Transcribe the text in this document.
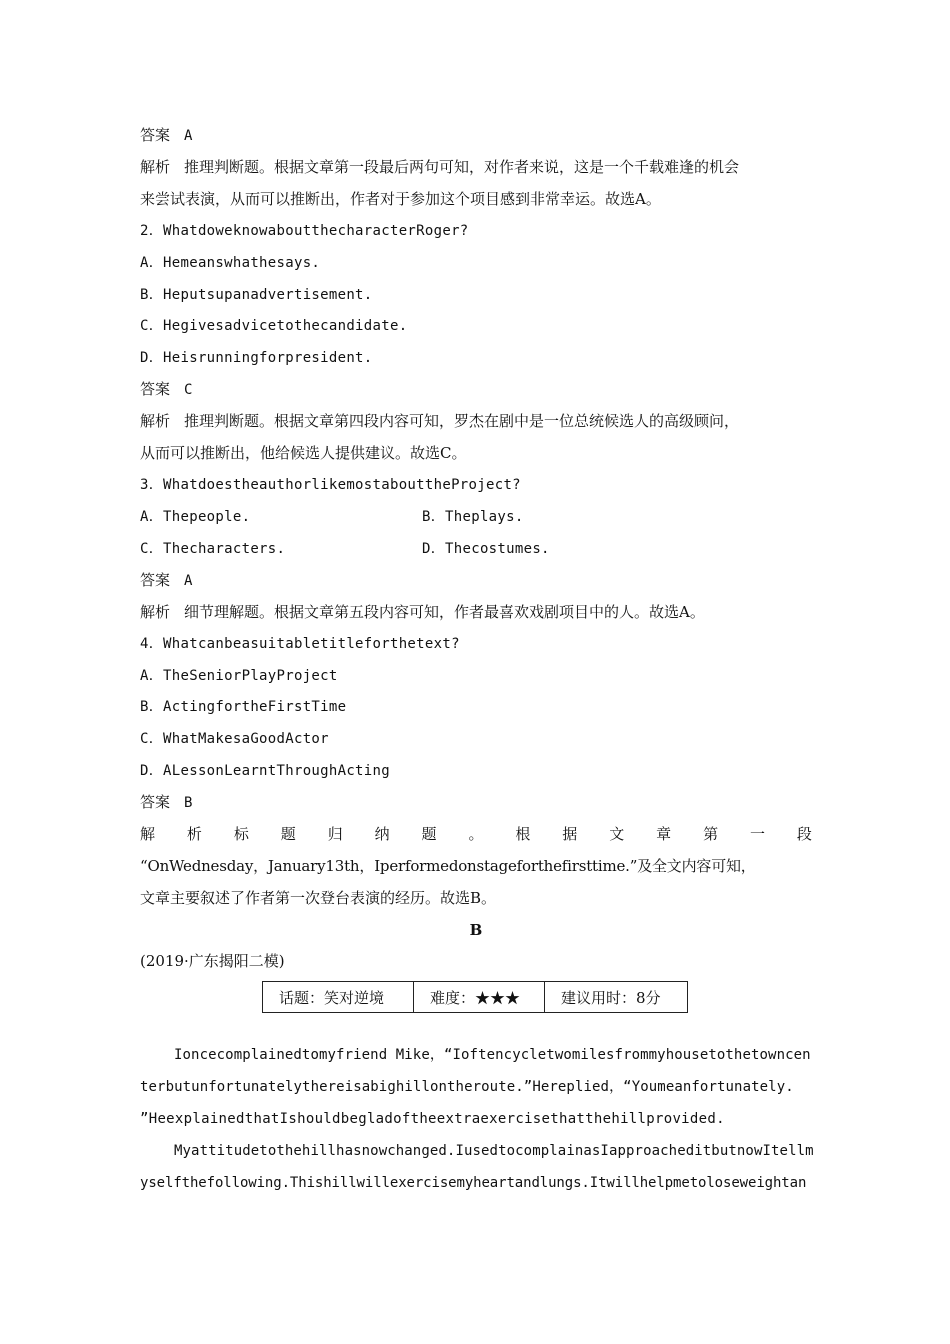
答案 A
解析 推理判断题。根据文章第一段最后两句可知，对作者来说，这是一个千载难逢的机会
来尝试表演，从而可以推断出，作者对于参加这个项目感到非常幸运。故选A。
2．WhatdoweknowaboutthecharacterRoger?
A．Hemeanswhathesays.
B．Heputsupanadvertisement.
C．Hegivesadvicetothecandidate.
D．Heisrunningforpresident.
答案 C
解析 推理判断题。根据文章第四段内容可知，罗杰在剧中是一位总统候选人的高级顾问，
从而可以推断出，他给候选人提供建议。故选C。
3．WhatdoestheauthorlikemostabouttheProject?
A．Thepeople.	B．Theplays.
C．Thecharacters.	D．Thecostumes.
答案 A
解析 细节理解题。根据文章第五段内容可知，作者最喜欢戏剧项目中的人。故选A。
4．Whatcanbeasuitabletitleforthetext?
A．TheSeniorPlayProject
B．ActingfortheFirstTime
C．WhatMakesaGoodActor
D．ALessonLearntThroughActing
答案 B
解 析 标 题 归 纳 题 。 根 据 文 章 第 一 段
“OnWednesday，January13th，Iperformedonstageforthefirsttime.”及全文内容可知，
文章主要叙述了作者第一次登台表演的经历。故选B。
B
(2019·广东揭阳二模)
话题：笑对逆境	难度：★★★	建议用时：8分
Ioncecomplainedtomyfriend Mike，“Ioftencycletwomilesfrommyhousetothetowncen
terbutunfortunatelythereisabighillontheroute.”Hereplied，“Youmeanfortunately.
”HeexplainedthatIshouldbegladoftheextraexercisethatthehillprovided.
Myattitudetothehillhasnowchanged.IusedtocomplainasIapproacheditbutnowItellm
yselfthefollowing.Thishillwillexercisemyheartandlungs.Itwillhelpmetoloseweightan
